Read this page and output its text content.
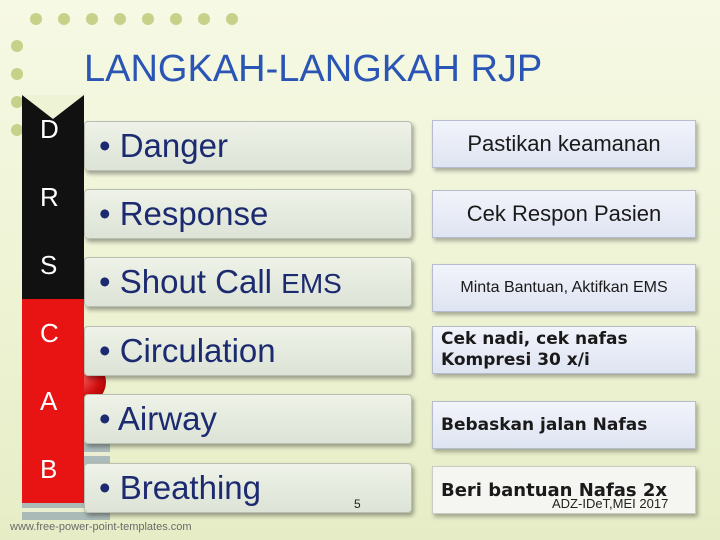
LANGKAH-LANGKAH RJP
D
R
S
C
A
B
• Danger
• Response
• Shout Call EMS
• Circulation
• Airway
• Breathing
Pastikan keamanan
Cek Respon Pasien
Minta Bantuan, Aktifkan EMS
Cek nadi, cek nafas
Kompresi 30 x/i
Bebaskan jalan Nafas
Beri bantuan Nafas 2x
5	ADZ-IDeT,MEI 2017
www.free-power-point-templates.com
